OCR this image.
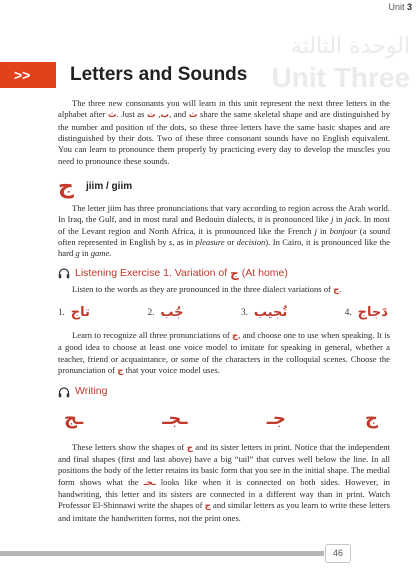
Unit 3
الوحدة الثالثة
Unit Three
>> Letters and Sounds

The three new consonants you will learn in this unit represent the next three letters in the alphabet after ث. Just as ب, ت , and ث share the same skeletal shape and are distinguished by the number and position of the dots, so these three letters have the same basic shapes and are distinguished by their dots. Two of these three consonant sounds have no English equivalent. You can learn to pronounce them properly by practicing every day to develop the muscles you need to pronounce these sounds.

ج	jiim / giim

The letter jiim has three pronunciations that vary according to region across the Arab world. In Iraq, the Gulf, and in most rural and Bedouin dialects, it is pronounced like j in jack. In most of the Levant region and North Africa, it is pronounced like the French j in bonjour (a sound often represented in English by s, as in pleasure or decision). In Cairo, it is pronounced like the hard g in game.

Listening Exercise 1. Variation of ج (At home)

Listen to the words as they are pronounced in the three dialect variations of ج.

1. تاج	2. جُب	3. تُجيب	4. دَجاج

Learn to recognize all three pronunciations of ج, and choose one to use when speaking. It is a good idea to choose at least one voice model to imitate for speaking in general, whether a teacher, friend or acquaintance, or some of the characters in the colloquial scenes. Choose the pronunciation of ج that your voice model uses.

Writing
ـج	ـجـ	جـ	ج

These letters show the shapes of ج and its sister letters in print. Notice that the independent and final shapes (first and last above) have a big “tail” that curves well below the line. In all positions the body of the letter retains its basic form that you see in the initial shape. The medial form shows what the ـجـ looks like when it is connected on both sides. However, in handwriting, this letter and its sisters are connected in a different way than in print. Watch Professor El-Shinnawi write the shapes of ج and similar letters as you learn to write these letters and imitate the handwritten forms, not the print ones.

46
